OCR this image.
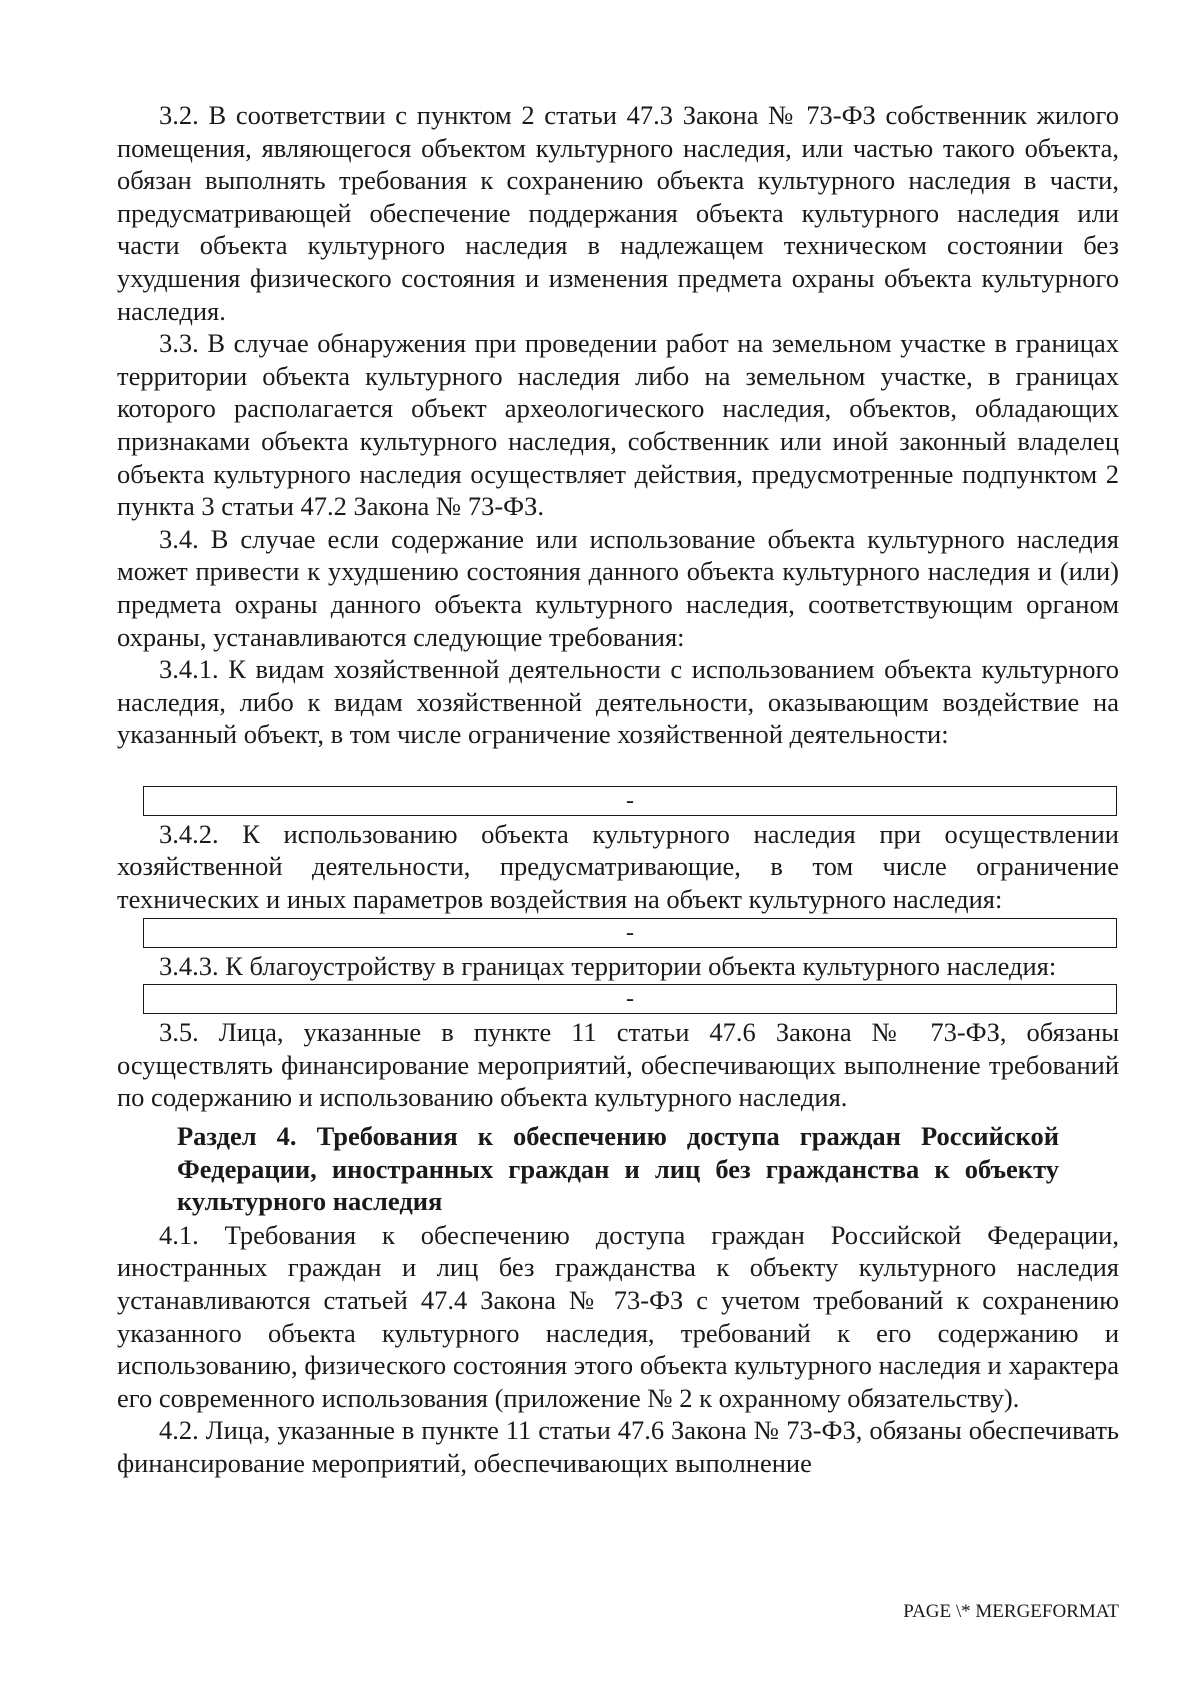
3.2. В соответствии с пунктом 2 статьи 47.3 Закона № 73-ФЗ собственник жилого помещения, являющегося объектом культурного наследия, или частью такого объекта, обязан выполнять требования к сохранению объекта культурного наследия в части, предусматривающей обеспечение поддержания объекта культурного наследия или части объекта культурного наследия в надлежащем техническом состоянии без ухудшения физического состояния и изменения предмета охраны объекта культурного наследия.

3.3. В случае обнаружения при проведении работ на земельном участке в границах территории объекта культурного наследия либо на земельном участке, в границах которого располагается объект археологического наследия, объектов, обладающих признаками объекта культурного наследия, собственник или иной законный владелец объекта культурного наследия осуществляет действия, предусмотренные подпунктом 2 пункта 3 статьи 47.2 Закона № 73-ФЗ.

3.4. В случае если содержание или использование объекта культурного наследия может привести к ухудшению состояния данного объекта культурного наследия и (или) предмета охраны данного объекта культурного наследия, соответствующим органом охраны, устанавливаются следующие требования:

3.4.1. К видам хозяйственной деятельности с использованием объекта культурного наследия, либо к видам хозяйственной деятельности, оказывающим воздействие на указанный объект, в том числе ограничение хозяйственной деятельности:

-

3.4.2. К использованию объекта культурного наследия при осуществлении хозяйственной деятельности, предусматривающие, в том числе ограничение технических и иных параметров воздействия на объект культурного наследия:

-

3.4.3. К благоустройству в границах территории объекта культурного наследия:

-

3.5. Лица, указанные в пункте 11 статьи 47.6 Закона № 73-ФЗ, обязаны осуществлять финансирование мероприятий, обеспечивающих выполнение требований по содержанию и использованию объекта культурного наследия.

Раздел 4. Требования к обеспечению доступа граждан Российской Федерации, иностранных граждан и лиц без гражданства к объекту культурного наследия

4.1. Требования к обеспечению доступа граждан Российской Федерации, иностранных граждан и лиц без гражданства к объекту культурного наследия устанавливаются статьей 47.4 Закона № 73-ФЗ с учетом требований к сохранению указанного объекта культурного наследия, требований к его содержанию и использованию, физического состояния этого объекта культурного наследия и характера его современного использования (приложение № 2 к охранному обязательству).

4.2. Лица, указанные в пункте 11 статьи 47.6 Закона № 73-ФЗ, обязаны обеспечивать финансирование мероприятий, обеспечивающих выполнение

PAGE \* MERGEFORMAT
